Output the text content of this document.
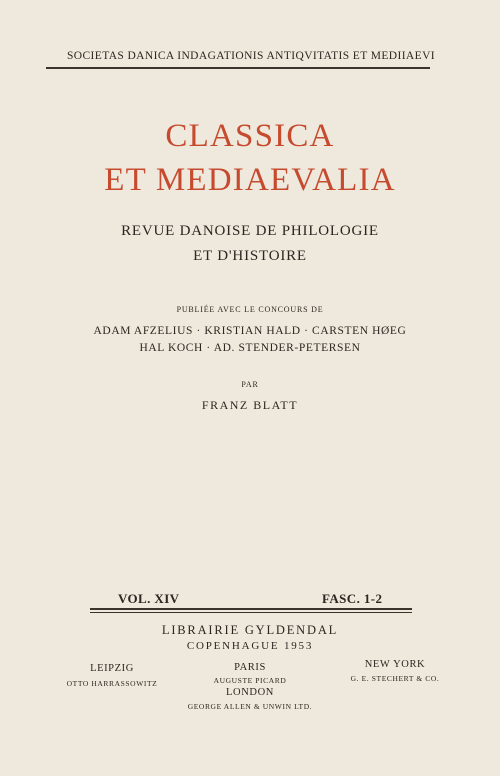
SOCIETAS DANICA INDAGATIONIS ANTIQVITATIS ET MEDIIAEVI
CLASSICA
ET MEDIAEVALIA
REVUE DANOISE DE PHILOLOGIE
ET D'HISTOIRE
PUBLIÉE AVEC LE CONCOURS DE
ADAM AFZELIUS · KRISTIAN HALD · CARSTEN HØEG
HAL KOCH · AD. STENDER-PETERSEN
PAR
FRANZ BLATT
VOL. XIV	FASC. 1-2
LIBRAIRIE GYLDENDAL
COPENHAGUE 1953
LEIPZIG
OTTO HARRASSOWITZ
PARIS
AUGUSTE PICARD
NEW YORK
G. E. STECHERT & CO.
LONDON
GEORGE ALLEN & UNWIN LTD.
